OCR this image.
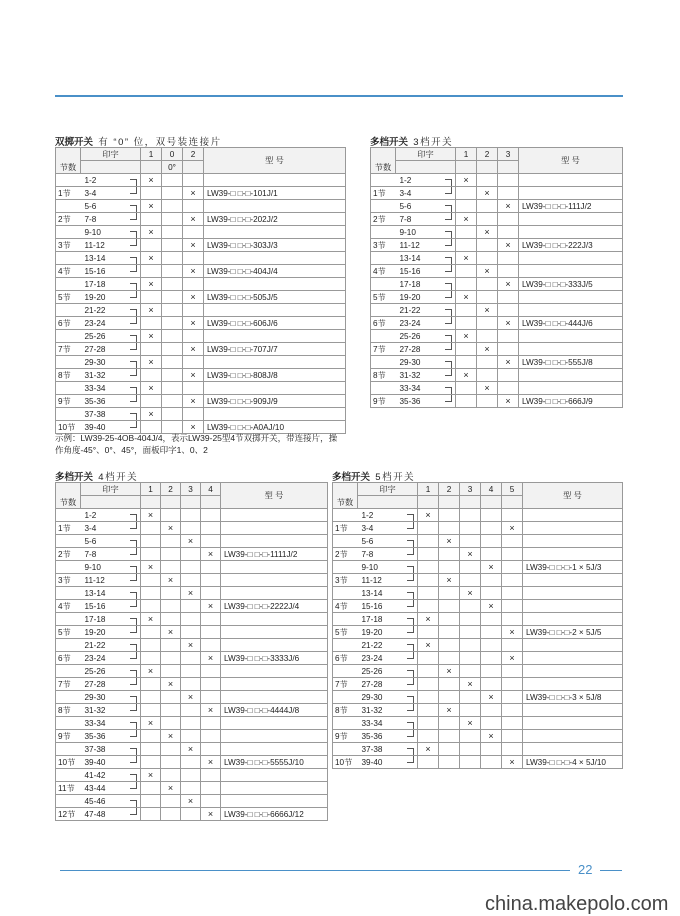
双掷开关 有 “0” 位，双号装连接片
节数	印字	1	0	2	型 号
			0°		
	1-2	×			
1节	3-4			×	LW39-□ □-□-101J/1
	5-6	×			
2节	7-8			×	LW39-□ □-□-202J/2
	9-10	×			
3节	11-12			×	LW39-□ □-□-303J/3
	13-14	×			
4节	15-16			×	LW39-□ □-□-404J/4
	17-18	×			
5节	19-20			×	LW39-□ □-□-505J/5
	21-22	×			
6节	23-24			×	LW39-□ □-□-606J/6
	25-26	×			
7节	27-28			×	LW39-□ □-□-707J/7
	29-30	×			
8节	31-32			×	LW39-□ □-□-808J/8
	33-34	×			
9节	35-36			×	LW39-□ □-□-909J/9
	37-38	×			
10节	39-40			×	LW39-□ □-□-A0AJ/10
示例：LW39-25-4OB-404J/4，表示LW39-25型4节双掷开关，带连接片，操作角度-45°、0°、45°，面板印字1、0、2
多档开关 3档开关
节数	印字	1	2	3	型 号

	1-2	×			
1节	3-4		×		
	5-6			×	LW39-□ □-□-111J/2
2节	7-8	×			
	9-10		×		
3节	11-12			×	LW39-□ □-□-222J/3
	13-14	×			
4节	15-16		×		
	17-18			×	LW39-□ □-□-333J/5
5节	19-20	×			
	21-22		×		
6节	23-24			×	LW39-□ □-□-444J/6
	25-26	×			
7节	27-28		×		
	29-30			×	LW39-□ □-□-555J/8
8节	31-32	×			
	33-34		×		
9节	35-36			×	LW39-□ □-□-666J/9
多档开关 4档开关
节数	印字	1	2	3	4	型 号

	1-2	×				
1节	3-4		×			
	5-6			×		
2节	7-8				×	LW39-□ □-□-1111J/2
	9-10	×				
3节	11-12		×			
	13-14			×		
4节	15-16				×	LW39-□ □-□-2222J/4
	17-18	×				
5节	19-20		×			
	21-22			×		
6节	23-24				×	LW39-□ □-□-3333J/6
	25-26	×				
7节	27-28		×			
	29-30			×		
8节	31-32				×	LW39-□ □-□-4444J/8
	33-34	×				
9节	35-36		×			
	37-38			×		
10节	39-40				×	LW39-□ □-□-5555J/10
	41-42	×				
11节	43-44		×			
	45-46			×		
12节	47-48				×	LW39-□ □-□-6666J/12
多档开关 5档开关
节数	印字	1	2	3	4	5	型 号

	1-2	×					
1节	3-4					×	
	5-6		×				
2节	7-8			×			
	9-10				×		LW39-□ □-□-1 × 5J/3
3节	11-12		×				
	13-14			×			
4节	15-16				×		
	17-18	×					
5节	19-20					×	LW39-□ □-□-2 × 5J/5
	21-22	×					
6节	23-24					×	
	25-26		×				
7节	27-28			×			
	29-30				×		LW39-□ □-□-3 × 5J/8
8节	31-32		×				
	33-34			×			
9节	35-36				×		
	37-38	×					
10节	39-40					×	LW39-□ □-□-4 × 5J/10
22
china.makepolo.com
